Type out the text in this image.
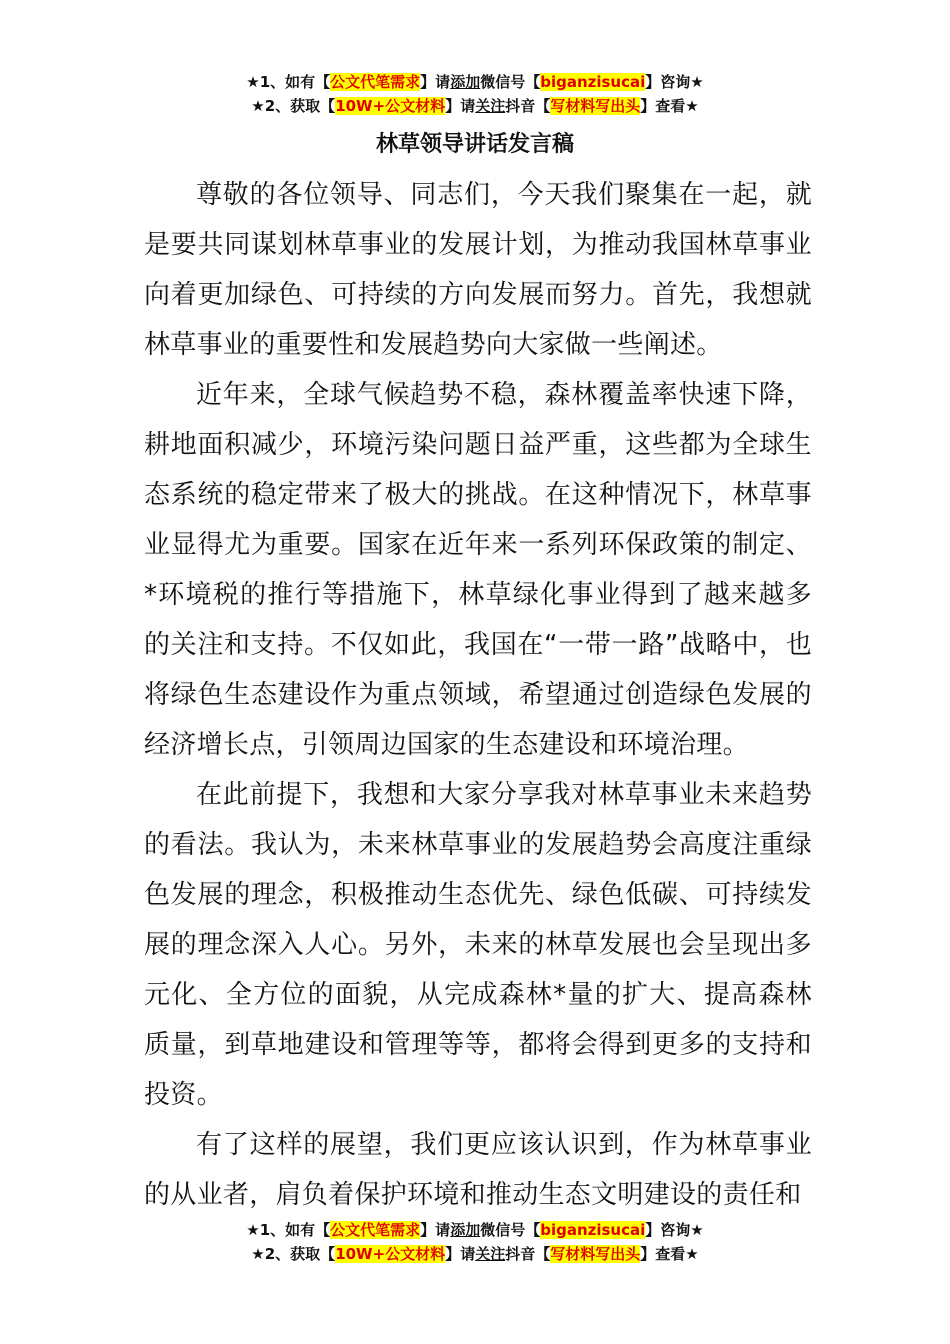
★1、如有【公文代笔需求】请添加微信号【biganzisucai】咨询★
★2、获取【10W+公文材料】请关注抖音【写材料写出头】查看★
林草领导讲话发言稿

尊敬的各位领导、同志们，今天我们聚集在一起，就是要共同谋划林草事业的发展计划，为推动我国林草事业向着更加绿色、可持续的方向发展而努力。首先，我想就林草事业的重要性和发展趋势向大家做一些阐述。

近年来，全球气候趋势不稳，森林覆盖率快速下降，耕地面积减少，环境污染问题日益严重，这些都为全球生态系统的稳定带来了极大的挑战。在这种情况下，林草事业显得尤为重要。国家在近年来一系列环保政策的制定、*环境税的推行等措施下，林草绿化事业得到了越来越多的关注和支持。不仅如此，我国在“一带一路”战略中，也将绿色生态建设作为重点领域，希望通过创造绿色发展的经济增长点，引领周边国家的生态建设和环境治理。

在此前提下，我想和大家分享我对林草事业未来趋势的看法。我认为，未来林草事业的发展趋势会高度注重绿色发展的理念，积极推动生态优先、绿色低碳、可持续发展的理念深入人心。另外，未来的林草发展也会呈现出多元化、全方位的面貌，从完成森林*量的扩大、提高森林质量，到草地建设和管理等等，都将会得到更多的支持和投资。

有了这样的展望，我们更应该认识到，作为林草事业的从业者，肩负着保护环境和推动生态文明建设的责任和

★1、如有【公文代笔需求】请添加微信号【biganzisucai】咨询★
★2、获取【10W+公文材料】请关注抖音【写材料写出头】查看★
